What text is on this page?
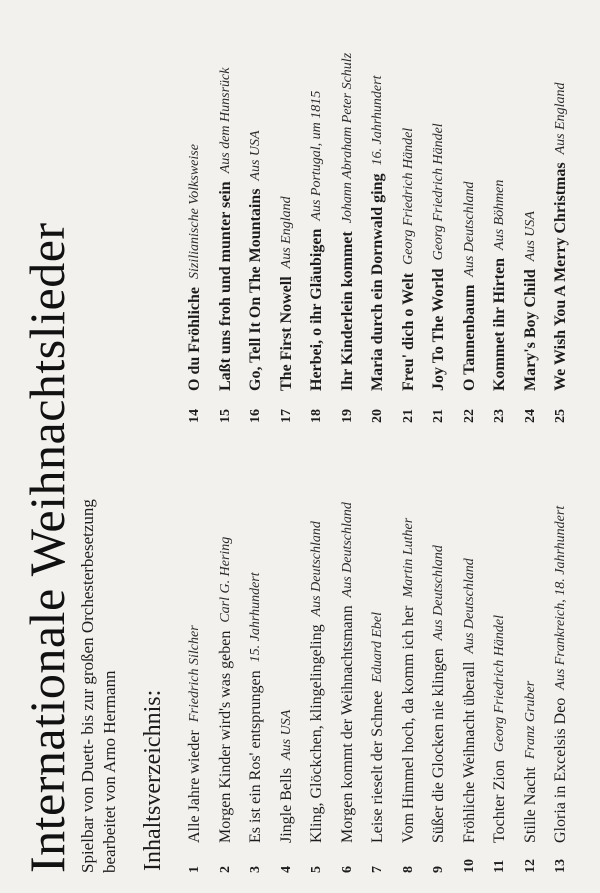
Internationale Weihnachtslieder Spielbar von Duett- bis zur großen Orchesterbesetzung bearbeitet von Arno Hermann Inhaltsverzeichnis: 1
Alle Jahre wieder
Friedrich Silcher
2
Morgen Kinder wird's was geben
Carl G. Hering
3
Es ist ein Ros' entsprungen
15. Jahrhundert
4
Jingle Bells
Aus USA
5
Kling, Glöckchen, klingelingeling
Aus Deutschland
6
Morgen kommt der Weihnachtsmann
Aus Deutschland
7
Leise rieselt der Schnee
Eduard Ebel
8
Vom Himmel hoch, da komm ich her
Martin Luther
9
Süßer die Glocken nie klingen
Aus Deutschland
10
Fröhliche Weihnacht überall
Aus Deutschland
11
Tochter Zion
Georg Friedrich Händel
12
Stille Nacht
Franz Gruber
13
Gloria in Excelsis Deo
Aus Frankreich, 18. Jahrhundert
14
O du Fröhliche
Sizilianische Volksweise
15
Laßt uns froh und munter sein
Aus dem Hunsrück
16
Go, Tell It On The Mountains
Aus USA
17
The First Nowell
Aus England
18
Herbei, o ihr Gläubigen
Aus Portugal, um 1815
19
Ihr Kinderlein kommet
Johann Abraham Peter Schulz
20
Maria durch ein Dornwald ging
16. Jahrhundert
21
Freu' dich o Welt
Georg Friedrich Händel
21
Joy To The World
Georg Friedrich Händel
22
O Tannenbaum
Aus Deutschland
23
Kommet ihr Hirten
Aus Böhmen
24
Mary's Boy Child
Aus USA
25
We Wish You A Merry Christmas
Aus England
